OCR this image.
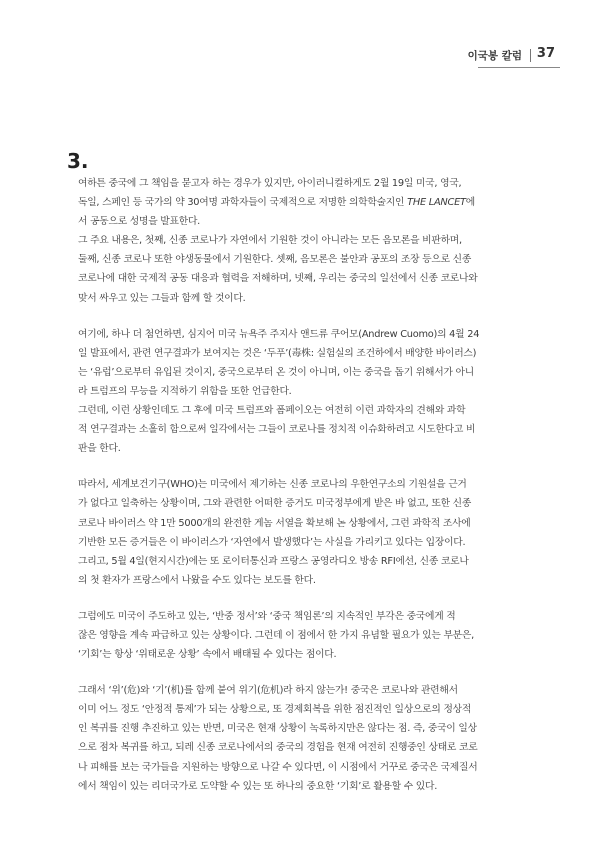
이국봉 칼럼 37
3.

여하튼 중국에 그 책임을 묻고자 하는 경우가 있지만, 아이러니컬하게도 2월 19일 미국, 영국,
독일, 스페인 등 국가의 약 30여명 과학자들이 국제적으로 저명한 의학학술지인 THE LANCET에
서 공동으로 성명을 발표한다.

그 주요 내용은, 첫째, 신종 코로나가 자연에서 기원한 것이 아니라는 모든 음모론을 비판하며,
둘째, 신종 코로나 또한 야생동물에서 기원한다. 셋째, 음모론은 불안과 공포의 조장 등으로 신종
코로나에 대한 국제적 공동 대응과 협력을 저해하며, 넷째, 우리는 중국의 일선에서 신종 코로나와
맞서 싸우고 있는 그들과 함께 할 것이다.

여기에, 하나 더 첨언하면, 심지어 미국 뉴욕주 주지사 앤드류 쿠어모(Andrew Cuomo)의 4월 24
일 발표에서, 관련 연구결과가 보여지는 것은 ‘두푸’(毒株: 실험실의 조건하에서 배양한 바이러스)
는 ‘유럽’으로부터 유입된 것이지, 중국으로부터 온 것이 아니며, 이는 중국을 돕기 위해서가 아니
라 트럼프의 무능을 지적하기 위함을 또한 언급한다.

그런데, 이런 상황인데도 그 후에 미국 트럼프와 폼페이오는 여전히 이런 과학자의 견해와 과학
적 연구결과는 소홀히 함으로써 일각에서는 그들이 코로나를 정치적 이슈화하려고 시도한다고 비
판을 한다.

따라서, 세계보건기구(WHO)는 미국에서 제기하는 신종 코로나의 우한연구소의 기원설을 근거
가 없다고 일축하는 상황이며, 그와 관련한 어떠한 증거도 미국정부에게 받은 바 없고, 또한 신종
코로나 바이러스 약 1만 5000개의 완전한 게놈 서열을 확보해 논 상황에서, 그런 과학적 조사에
기반한 모든 증거들은 이 바이러스가 ‘자연에서 발생했다’는 사실을 가리키고 있다는 입장이다.

그리고, 5월 4일(현지시간)에는 또 로이터통신과 프랑스 공영라디오 방송 RFI에선, 신종 코로나
의 첫 환자가 프랑스에서 나왔을 수도 있다는 보도를 한다.

그럼에도 미국이 주도하고 있는, ‘반중 정서’와 ‘중국 책임론’의 지속적인 부각은 중국에게 적
잖은 영향을 계속 파급하고 있는 상황이다. 그런데 이 점에서 한 가지 유념할 필요가 있는 부분은,
‘기회’는 항상 ‘위태로운 상황’ 속에서 배태될 수 있다는 점이다.

그래서 ‘위’(危)와 ‘기’(机)를 함께 붙여 위기(危机)라 하지 않는가! 중국은 코로나와 관련해서
이미 어느 정도 ‘안정적 통제’가 되는 상황으로, 또 경제회복을 위한 점진적인 일상으로의 정상적
인 복귀를 진행 추진하고 있는 반면, 미국은 현재 상황이 녹록하지만은 않다는 점. 즉, 중국이 일상
으로 점차 복귀를 하고, 되레 신종 코로나에서의 중국의 경험을 현재 여전히 진행중인 상태로 코로
나 피해를 보는 국가들을 지원하는 방향으로 나갈 수 있다면, 이 시점에서 거꾸로 중국은 국제질서
에서 책임이 있는 리더국가로 도약할 수 있는 또 하나의 중요한 ‘기회’로 활용할 수 있다.
